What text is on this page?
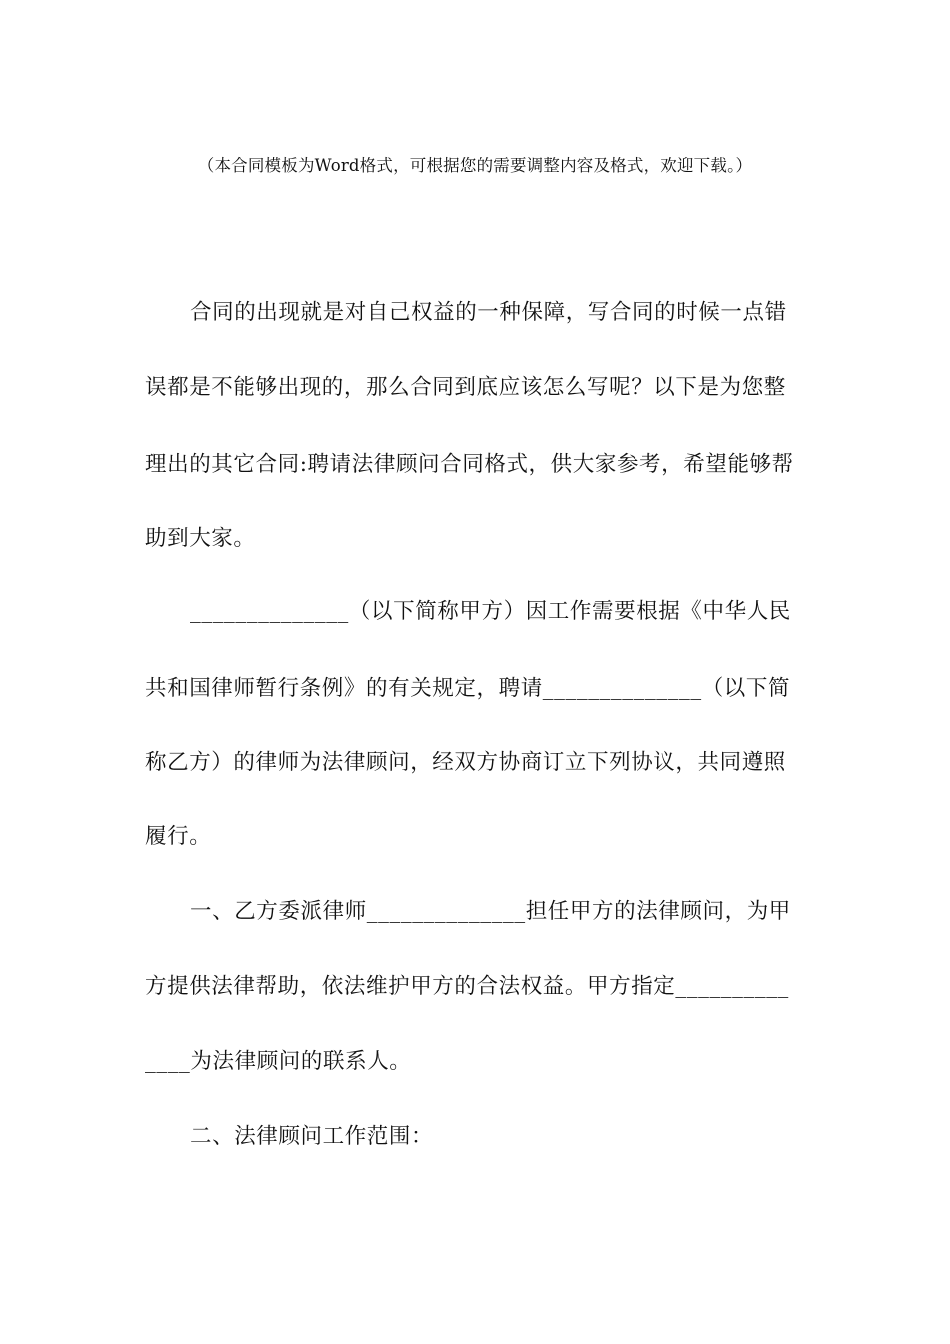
（本合同模板为Word格式，可根据您的需要调整内容及格式，欢迎下载。）
合同的出现就是对自己权益的一种保障，写合同的时候一点错
误都是不能够出现的，那么合同到底应该怎么写呢？以下是为您整
理出的其它合同:聘请法律顾问合同格式，供大家参考，希望能够帮
助到大家。
______________（以下简称甲方）因工作需要根据《中华人民
共和国律师暂行条例》的有关规定，聘请______________（以下简
称乙方）的律师为法律顾问，经双方协商订立下列协议，共同遵照
履行。
一、乙方委派律师______________担任甲方的法律顾问，为甲
方提供法律帮助，依法维护甲方的合法权益。甲方指定__________
____为法律顾问的联系人。
二、法律顾问工作范围：
